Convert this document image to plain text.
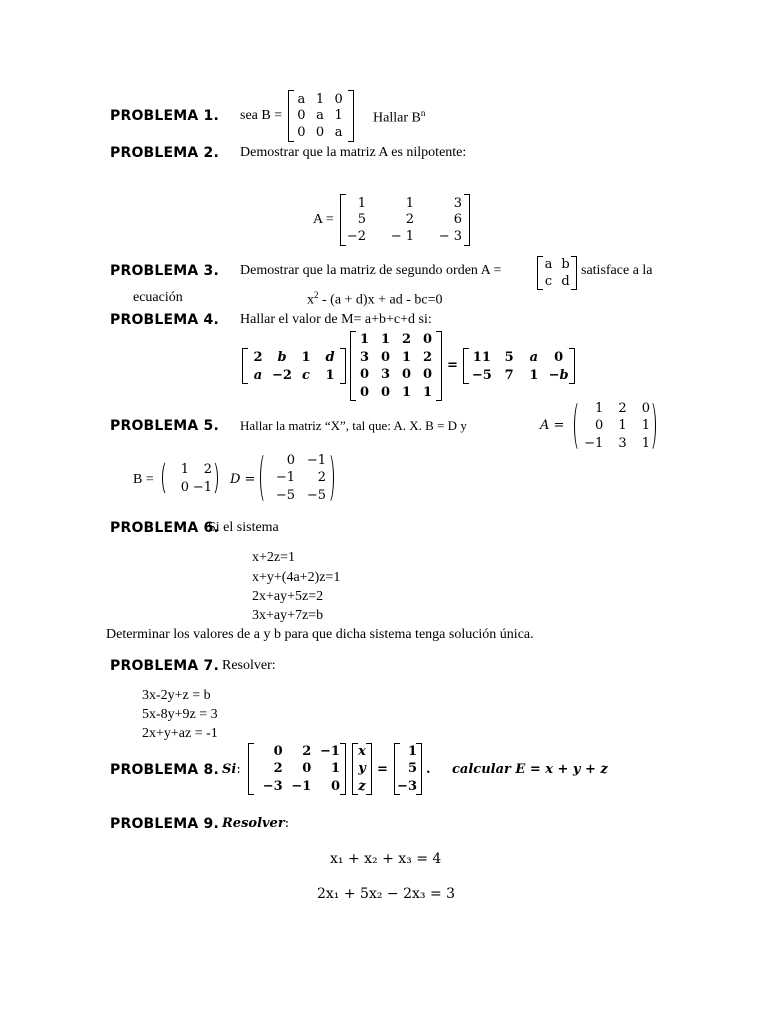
PROBLEMA 1. sea B =
a 1 0
0 a 1
0 0 a
Hallar $B^n$
PROBLEMA 2. Demostrar que la matriz A es nilpotente:
A =
1	1	3
5	2	6
−2	− 1	− 3
PROBLEMA 3. Demostrar que la matriz de segundo orden A =	a b
c d
satisface a la
ecuación	$x^2 - (a + d)x$ + ad - bc=0
PROBLEMA 4. Hallar el valor de M= a+b+c+d si:
2	b	1	d
a −2 c	1
1 1 2 0
3 0 1 2
0 3 0 0
0 0 1 1
=
11	5	a	0
−5 7	1 −b
PROBLEMA 5. Hallar la matriz “X”, tal que: A. X. B = D y	A =
1	2	0
0	1	1
−1	3	1
B =
1	2
0 −1 D =
0 −1
−1	2
−5 −5
PROBLEMA 6.
Si el sistema
x+2z=1
x+y+(4a+2)z=1
2x+ay+5z=2
3x+ay+7z=b
Determinar los valores de a y b para que dicha sistema tenga solución única.
PROBLEMA 7. Resolver:
3x-2y+z = b
5x-8y+9z = 3
2x+y+az = -1
PROBLEMA 8. Si:
0	2 −1
2	0	1
−3 −1	0
x
y
z
=
1
5
−3
. calcular E = x + y + z
PROBLEMA 9. Resolver:
x₁ + x₂ + x₃ = 4
2x₁ + 5x₂ − 2x₃ = 3
